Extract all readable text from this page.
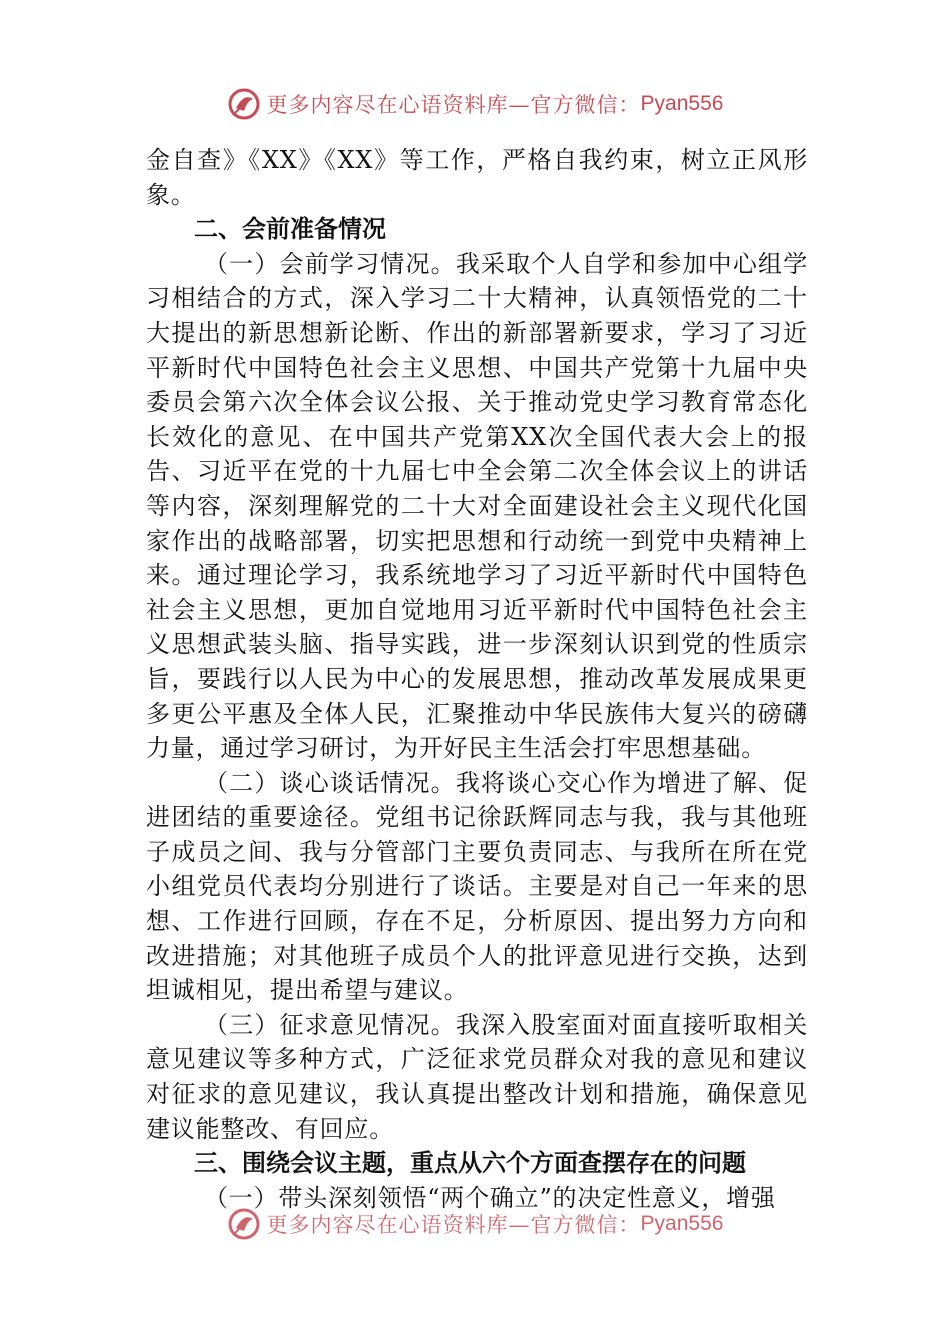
更多内容尽在心语资料库—官方微信： Pyan556

金自查》《XX》《XX》等工作，严格自我约束，树立正风形象。

二、会前准备情况

（一）会前学习情况。我采取个人自学和参加中心组学习相结合的方式，深入学习二十大精神，认真领悟党的二十大提出的新思想新论断、作出的新部署新要求，学习了习近平新时代中国特色社会主义思想、中国共产党第十九届中央委员会第六次全体会议公报、关于推动党史学习教育常态化长效化的意见、在中国共产党第XX次全国代表大会上的报告、习近平在党的十九届七中全会第二次全体会议上的讲话等内容，深刻理解党的二十大对全面建设社会主义现代化国家作出的战略部署，切实把思想和行动统一到党中央精神上来。通过理论学习，我系统地学习了习近平新时代中国特色社会主义思想，更加自觉地用习近平新时代中国特色社会主义思想武装头脑、指导实践，进一步深刻认识到党的性质宗旨，要践行以人民为中心的发展思想，推动改革发展成果更多更公平惠及全体人民，汇聚推动中华民族伟大复兴的磅礴力量，通过学习研讨，为开好民主生活会打牢思想基础。

（二）谈心谈话情况。我将谈心交心作为增进了解、促进团结的重要途径。党组书记徐跃辉同志与我，我与其他班子成员之间、我与分管部门主要负责同志、与我所在所在党小组党员代表均分别进行了谈话。主要是对自己一年来的思想、工作进行回顾，存在不足，分析原因、提出努力方向和改进措施；对其他班子成员个人的批评意见进行交换，达到坦诚相见，提出希望与建议。

（三）征求意见情况。我深入股室面对面直接听取相关意见建议等多种方式，广泛征求党员群众对我的意见和建议对征求的意见建议，我认真提出整改计划和措施，确保意见建议能整改、有回应。

三、围绕会议主题，重点从六个方面查摆存在的问题

（一）带头深刻领悟“两个确立”的决定性意义，增强

更多内容尽在心语资料库—官方微信： Pyan556
